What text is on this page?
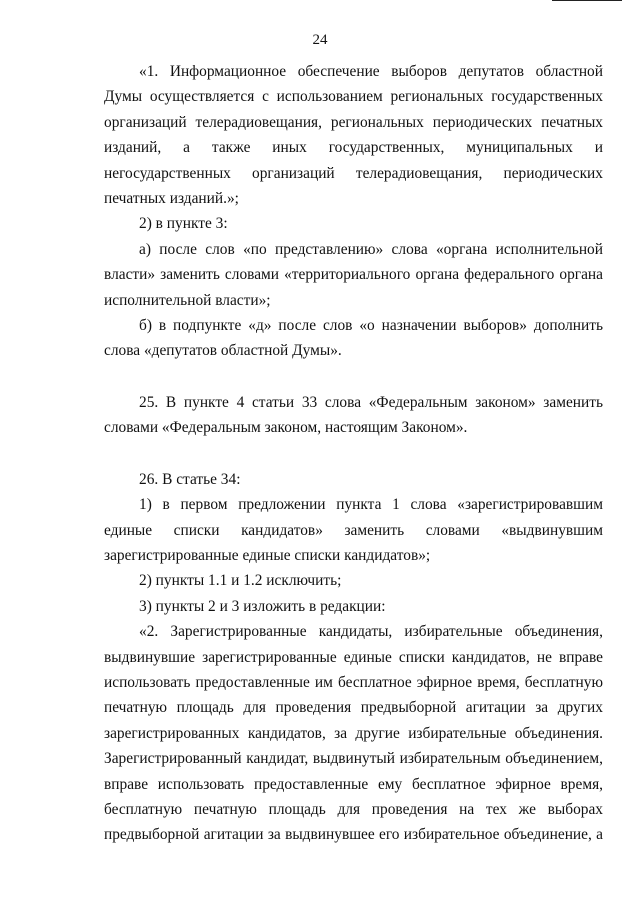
24

«1. Информационное обеспечение выборов депутатов областной Думы осуществляется с использованием региональных государственных организаций телерадиовещания, региональных периодических печатных изданий, а также иных государственных, муниципальных и негосударственных организаций телерадиовещания, периодических печатных изданий.»;

2) в пункте 3:

а) после слов «по представлению» слова «органа исполнительной власти» заменить словами «территориального органа федерального органа исполнительной власти»;

б) в подпункте «д» после слов «о назначении выборов» дополнить слова «депутатов областной Думы».

25. В пункте 4 статьи 33 слова «Федеральным законом» заменить словами «Федеральным законом, настоящим Законом».

26. В статье 34:

1) в первом предложении пункта 1 слова «зарегистрировавшим единые списки кандидатов» заменить словами «выдвинувшим зарегистрированные единые списки кандидатов»;

2) пункты 1.1 и 1.2 исключить;

3) пункты 2 и 3 изложить в редакции:

«2. Зарегистрированные кандидаты, избирательные объединения, выдвинувшие зарегистрированные единые списки кандидатов, не вправе использовать предоставленные им бесплатное эфирное время, бесплатную печатную площадь для проведения предвыборной агитации за других зарегистрированных кандидатов, за другие избирательные объединения. Зарегистрированный кандидат, выдвинутый избирательным объединением, вправе использовать предоставленные ему бесплатное эфирное время, бесплатную печатную площадь для проведения на тех же выборах предвыборной агитации за выдвинувшее его избирательное объединение, а
